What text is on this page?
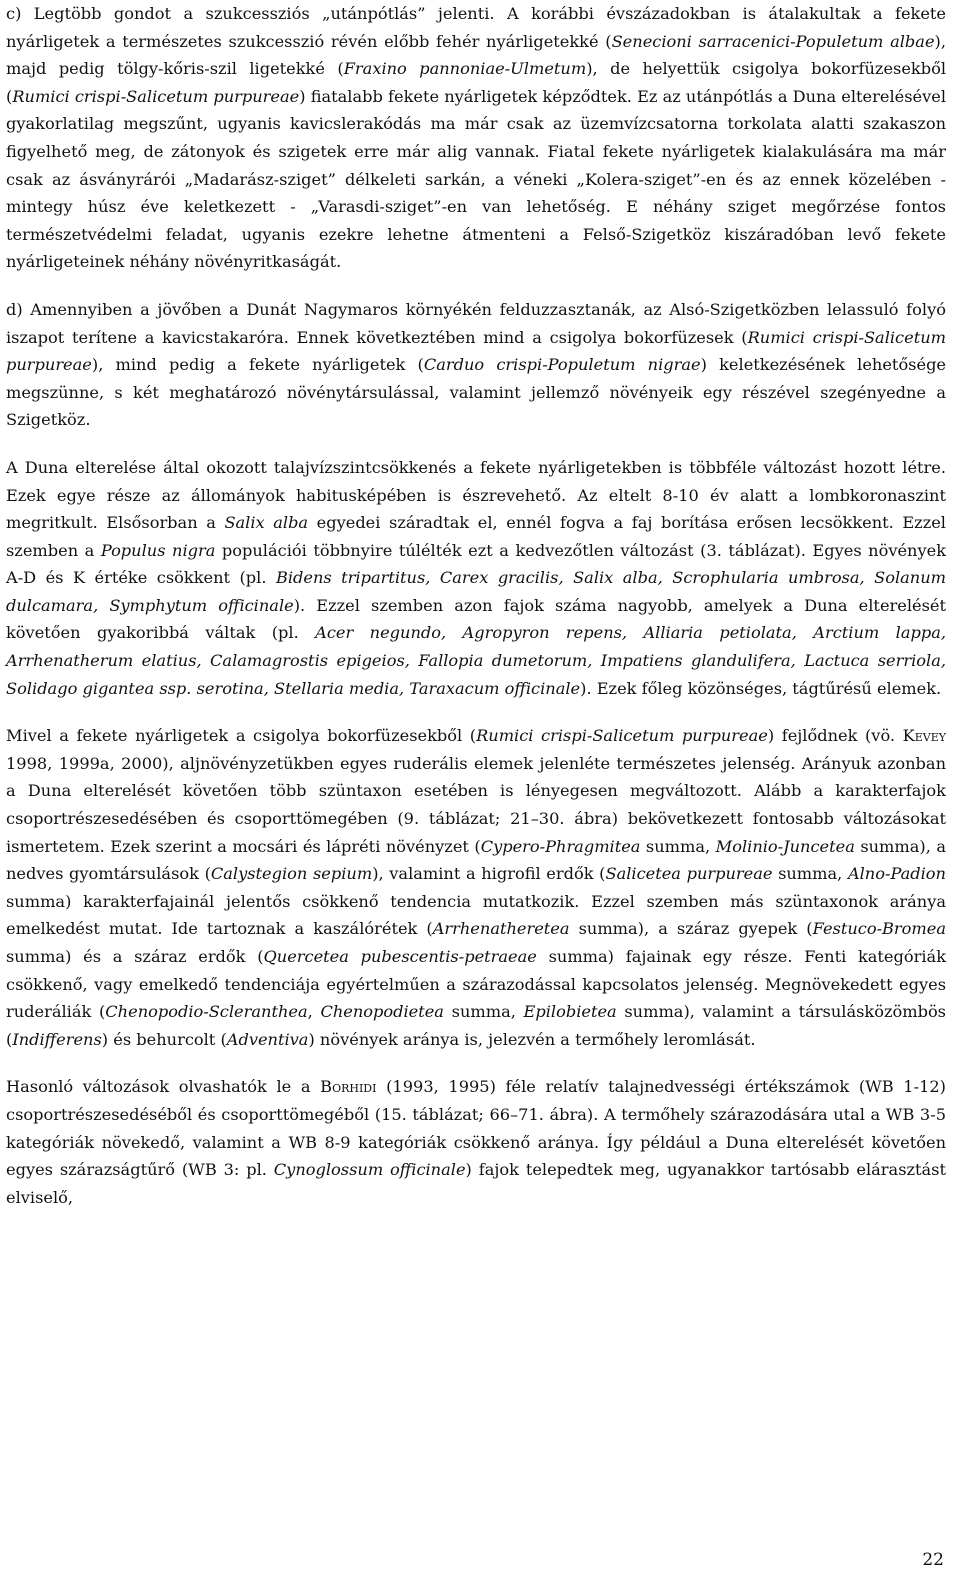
c) Legtöbb gondot a szukcessziós „utánpótlás” jelenti. A korábbi évszázadokban is átalakultak a fekete nyárligetek a természetes szukcesszió révén előbb fehér nyárligetekké (Senecioni sarracenici-Populetum albae), majd pedig tölgy-kőris-szil ligetekké (Fraxino pannoniae-Ulmetum), de helyettük csigolya bokorfüzesekből (Rumici crispi-Salicetum purpureae) fiatalabb fekete nyárligetek képződtek. Ez az utánpótlás a Duna elterelésével gyakorlatilag megszűnt, ugyanis kavicslerakódás ma már csak az üzemvízcsatorna torkolata alatti szakaszon figyelhető meg, de zátonyok és szigetek erre már alig vannak. Fiatal fekete nyárligetek kialakulására ma már csak az ásványrárói „Madarász-sziget” délkeleti sarkán, a véneki „Kolera-sziget”-en és az ennek közelében - mintegy húsz éve keletkezett - „Varasdi-sziget”-en van lehetőség. E néhány sziget megőrzése fontos természetvédelmi feladat, ugyanis ezekre lehetne átmenteni a Felső-Szigetköz kiszáradóban levő fekete nyárligeteinek néhány növényritkaságát.

d) Amennyiben a jövőben a Dunát Nagymaros környékén felduzzasztanák, az Alsó-Szigetközben lelassuló folyó iszapot terítene a kavicstakaróra. Ennek következtében mind a csigolya bokorfüzesek (Rumici crispi-Salicetum purpureae), mind pedig a fekete nyárligetek (Carduo crispi-Populetum nigrae) keletkezésének lehetősége megszünne, s két meghatározó növénytársulással, valamint jellemző növényeik egy részével szegényedne a Szigetköz.

A Duna elterelése által okozott talajvízszintcsökkenés a fekete nyárligetekben is többféle változást hozott létre. Ezek egye része az állományok habitusképében is észrevehető. Az eltelt 8-10 év alatt a lombkoronaszint megritkult. Elsősorban a Salix alba egyedei száradtak el, ennél fogva a faj borítása erősen lecsökkent. Ezzel szemben a Populus nigra populációi többnyire túlélték ezt a kedvezőtlen változást (3. táblázat). Egyes növények A-D és K értéke csökkent (pl. Bidens tripartitus, Carex gracilis, Salix alba, Scrophularia umbrosa, Solanum dulcamara, Symphytum officinale). Ezzel szemben azon fajok száma nagyobb, amelyek a Duna elterelését követően gyakoribbá váltak (pl. Acer negundo, Agropyron repens, Alliaria petiolata, Arctium lappa, Arrhenatherum elatius, Calamagrostis epigeios, Fallopia dumetorum, Impatiens glandulifera, Lactuca serriola, Solidago gigantea ssp. serotina, Stellaria media, Taraxacum officinale). Ezek főleg közönséges, tágtűrésű elemek.

Mivel a fekete nyárligetek a csigolya bokorfüzesekből (Rumici crispi-Salicetum purpureae) fejlődnek (vö. Kevey 1998, 1999a, 2000), aljnövényzetükben egyes ruderális elemek jelenléte természetes jelenség. Arányuk azonban a Duna elterelését követően több szüntaxon esetében is lényegesen megváltozott. Alább a karakterfajok csoportrészesedésében és csoporttömegében (9. táblázat; 21–30. ábra) bekövetkezett fontosabb változásokat ismertetem. Ezek szerint a mocsári és lápréti növényzet (Cypero-Phragmitea summa, Molinio-Juncetea summa), a nedves gyomtársulások (Calystegion sepium), valamint a higrofil erdők (Salicetea purpureae summa, Alno-Padion summa) karakterfajainál jelentős csökkenő tendencia mutatkozik. Ezzel szemben más szüntaxonok aránya emelkedést mutat. Ide tartoznak a kaszálórétek (Arrhenatheretea summa), a száraz gyepek (Festuco-Bromea summa) és a száraz erdők (Quercetea pubescentis-petraeae summa) fajainak egy része. Fenti kategóriák csökkenő, vagy emelkedő tendenciája egyértelműen a szárazodással kapcsolatos jelenség. Megnövekedett egyes ruderáliák (Chenopodio-Scleranthea, Chenopodietea summa, Epilobietea summa), valamint a társulásközömbös (Indifferens) és behurcolt (Adventiva) növények aránya is, jelezvén a termőhely leromlását.

Hasonló változások olvashatók le a Borhidi (1993, 1995) féle relatív talajnedvességi értékszámok (WB 1-12) csoportrészesedéséből és csoporttömegéből (15. táblázat; 66–71. ábra). A termőhely szárazodására utal a WB 3-5 kategóriák növekedő, valamint a WB 8-9 kategóriák csökkenő aránya. Így például a Duna elterelését követően egyes szárazságtűrő (WB 3: pl. Cynoglossum officinale) fajok telepedtek meg, ugyanakkor tartósabb elárasztást elviselő,

22
